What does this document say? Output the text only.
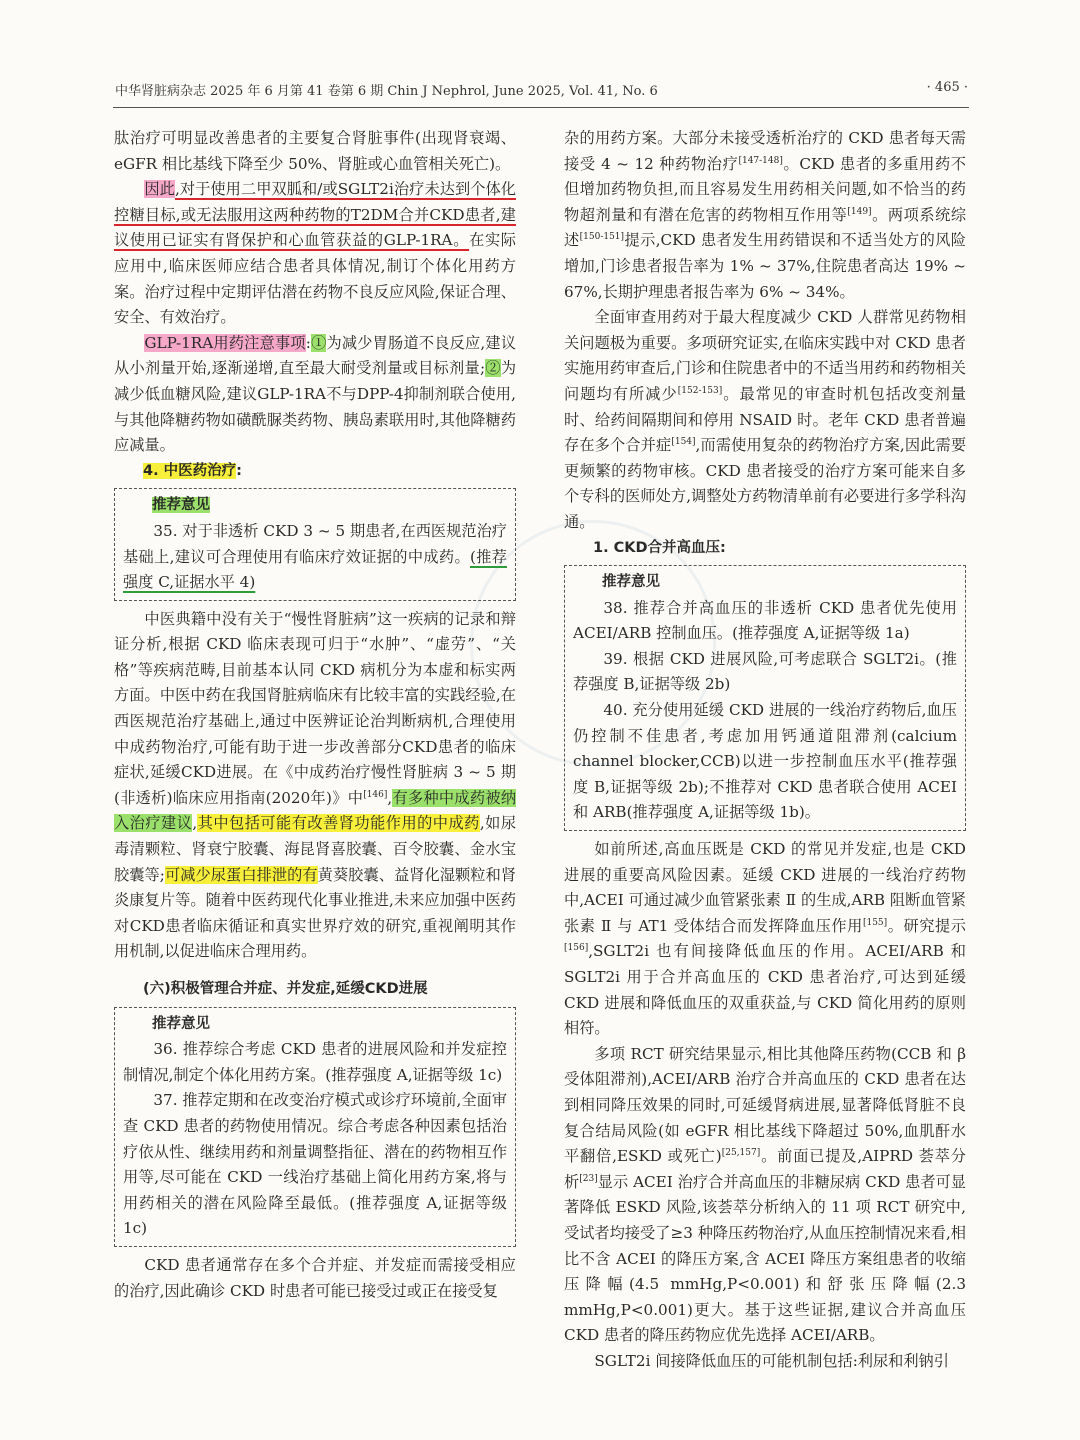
中华肾脏病杂志 2025 年 6 月第 41 卷第 6 期 Chin J Nephrol, June 2025, Vol. 41, No. 6	· 465 ·

肽治疗可明显改善患者的主要复合肾脏事件(出现肾衰竭、eGFR 相比基线下降至少 50%、肾脏或心血管相关死亡)。

因此,对于使用二甲双胍和/或SGLT2i治疗未达到个体化控糖目标,或无法服用这两种药物的T2DM合并CKD患者,建议使用已证实有肾保护和心血管获益的GLP-1RA。在实际应用中,临床医师应结合患者具体情况,制订个体化用药方案。治疗过程中定期评估潜在药物不良反应风险,保证合理、安全、有效治疗。

GLP-1RA用药注意事项:①为减少胃肠道不良反应,建议从小剂量开始,逐渐递增,直至最大耐受剂量或目标剂量;②为减少低血糖风险,建议GLP-1RA不与DPP-4抑制剂联合使用,与其他降糖药物如磺酰脲类药物、胰岛素联用时,其他降糖药应减量。

4. 中医药治疗:

推荐意见

35. 对于非透析 CKD 3 ~ 5 期患者,在西医规范治疗基础上,建议可合理使用有临床疗效证据的中成药。(推荐强度 C,证据水平 4)

中医典籍中没有关于“慢性肾脏病”这一疾病的记录和辩证分析,根据 CKD 临床表现可归于“水肿”、“虚劳”、“关格”等疾病范畴,目前基本认同 CKD 病机分为本虚和标实两方面。中医中药在我国肾脏病临床有比较丰富的实践经验,在西医规范治疗基础上,通过中医辨证论治判断病机,合理使用中成药物治疗,可能有助于进一步改善部分CKD患者的临床症状,延缓CKD进展。在《中成药治疗慢性肾脏病 3 ~ 5 期(非透析)临床应用指南(2020年)》中[146],有多种中成药被纳入治疗建议,其中包括可能有改善肾功能作用的中成药,如尿毒清颗粒、肾衰宁胶囊、海昆肾喜胶囊、百令胶囊、金水宝胶囊等;可减少尿蛋白排泄的有黄葵胶囊、益肾化湿颗粒和肾炎康复片等。随着中医药现代化事业推进,未来应加强中医药对CKD患者临床循证和真实世界疗效的研究,重视阐明其作用机制,以促进临床合理用药。

(六)积极管理合并症、并发症,延缓CKD进展

推荐意见

36. 推荐综合考虑 CKD 患者的进展风险和并发症控制情况,制定个体化用药方案。(推荐强度 A,证据等级 1c)

37. 推荐定期和在改变治疗模式或诊疗环境前,全面审查 CKD 患者的药物使用情况。综合考虑各种因素包括治疗依从性、继续用药和剂量调整指征、潜在的药物相互作用等,尽可能在 CKD 一线治疗基础上简化用药方案,将与用药相关的潜在风险降至最低。(推荐强度 A,证据等级 1c)

CKD 患者通常存在多个合并症、并发症而需接受相应的治疗,因此确诊 CKD 时患者可能已接受过或正在接受复

杂的用药方案。大部分未接受透析治疗的 CKD 患者每天需接受 4 ~ 12 种药物治疗[147-148]。CKD 患者的多重用药不但增加药物负担,而且容易发生用药相关问题,如不恰当的药物超剂量和有潜在危害的药物相互作用等[149]。两项系统综述[150-151]提示,CKD 患者发生用药错误和不适当处方的风险增加,门诊患者报告率为 1% ~ 37%,住院患者高达 19% ~ 67%,长期护理患者报告率为 6% ~ 34%。

全面审查用药对于最大程度减少 CKD 人群常见药物相关问题极为重要。多项研究证实,在临床实践中对 CKD 患者实施用药审查后,门诊和住院患者中的不适当用药和药物相关问题均有所减少[152-153]。最常见的审查时机包括改变剂量时、给药间隔期间和停用 NSAID 时。老年 CKD 患者普遍存在多个合并症[154],而需使用复杂的药物治疗方案,因此需要更频繁的药物审核。CKD 患者接受的治疗方案可能来自多个专科的医师处方,调整处方药物清单前有必要进行多学科沟通。

1. CKD合并高血压:

推荐意见

38. 推荐合并高血压的非透析 CKD 患者优先使用 ACEI/ARB 控制血压。(推荐强度 A,证据等级 1a)

39. 根据 CKD 进展风险,可考虑联合 SGLT2i。(推荐强度 B,证据等级 2b)

40. 充分使用延缓 CKD 进展的一线治疗药物后,血压仍控制不佳患者,考虑加用钙通道阻滞剂(calcium channel blocker,CCB)以进一步控制血压水平(推荐强度 B,证据等级 2b);不推荐对 CKD 患者联合使用 ACEI 和 ARB(推荐强度 A,证据等级 1b)。

如前所述,高血压既是 CKD 的常见并发症,也是 CKD 进展的重要高风险因素。延缓 CKD 进展的一线治疗药物中,ACEI 可通过减少血管紧张素 Ⅱ 的生成,ARB 阻断血管紧张素 Ⅱ 与 AT1 受体结合而发挥降血压作用[155]。研究提示[156],SGLT2i 也有间接降低血压的作用。ACEI/ARB 和 SGLT2i 用于合并高血压的 CKD 患者治疗,可达到延缓 CKD 进展和降低血压的双重获益,与 CKD 简化用药的原则相符。

多项 RCT 研究结果显示,相比其他降压药物(CCB 和 β 受体阻滞剂),ACEI/ARB 治疗合并高血压的 CKD 患者在达到相同降压效果的同时,可延缓肾病进展,显著降低肾脏不良复合结局风险(如 eGFR 相比基线下降超过 50%,血肌酐水平翻倍,ESKD 或死亡)[25,157]。前面已提及,AIPRD 荟萃分析[23]显示 ACEI 治疗合并高血压的非糖尿病 CKD 患者可显著降低 ESKD 风险,该荟萃分析纳入的 11 项 RCT 研究中,受试者均接受了≥3 种降压药物治疗,从血压控制情况来看,相比不含 ACEI 的降压方案,含 ACEI 降压方案组患者的收缩压降幅(4.5 mmHg,P<0.001)和舒张压降幅(2.3 mmHg,P<0.001)更大。基于这些证据,建议合并高血压 CKD 患者的降压药物应优先选择 ACEI/ARB。

SGLT2i 间接降低血压的可能机制包括:利尿和利钠引
